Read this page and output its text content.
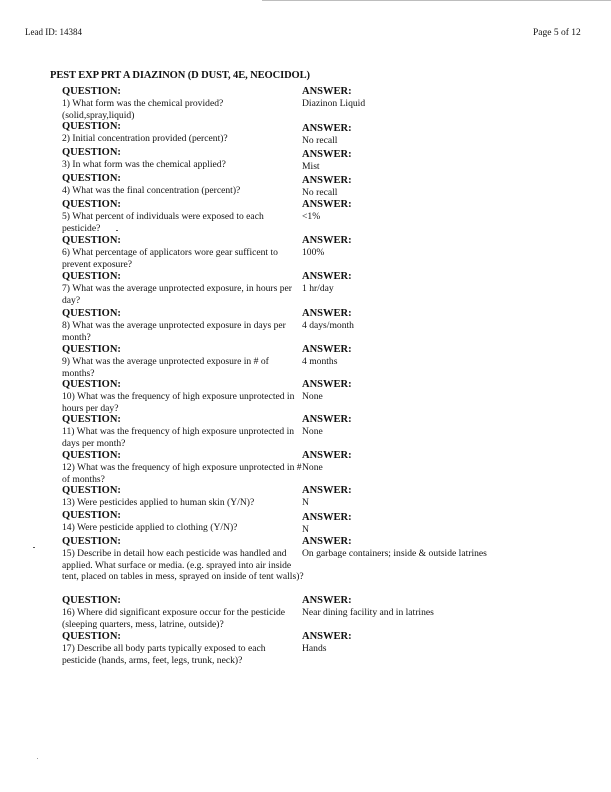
Lead ID: 14384	Page 5 of 12
PEST EXP PRT A DIAZINON (D DUST, 4E, NEOCIDOL)
QUESTION:	ANSWER:
1) What form was the chemical provided?(solid,spray,liquid)
Diazinon Liquid
QUESTION:	ANSWER:
2) Initial concentration provided (percent)?	No recall
QUESTION:	ANSWER:
3) In what form was the chemical applied?	Mist
QUESTION:	ANSWER:
4) What was the final concentration (percent)?	No recall
QUESTION:	ANSWER:
5) What percent of individuals were exposed to each pesticide?
<1%
QUESTION:	ANSWER:
6) What percentage of applicators wore gear sufficent to prevent exposure?
100%
QUESTION:	ANSWER:
7) What was the average unprotected exposure, in hours per day?
1 hr/day
QUESTION:	ANSWER:
8) What was the average unprotected exposure in days per month?
4 days/month
QUESTION:	ANSWER:
9) What was the average unprotected exposure in # of months?
4 months
QUESTION:	ANSWER:
10) What was the frequency of high exposure unprotected in hours per day?
None
QUESTION:	ANSWER:
11) What was the frequency of high exposure unprotected in days per month?
None
QUESTION:	ANSWER:
12) What was the frequency of high exposure unprotected in # of months?
None
QUESTION:	ANSWER:
13) Were pesticides applied to human skin (Y/N)?	N
QUESTION:	ANSWER:
14) Were pesticide applied to clothing (Y/N)?	N
QUESTION:	ANSWER:
15) Describe in detail how each pesticide was handled and applied. What surface or media. (e.g. sprayed into air inside tent, placed on tables in mess, sprayed on inside of tent walls)?
On garbage containers; inside & outside latrines
QUESTION:	ANSWER:
16) Where did significant exposure occur for the pesticide (sleeping quarters, mess, latrine, outside)?
Near dining facility and in latrines
QUESTION:	ANSWER:
17) Describe all body parts typically exposed to each pesticide (hands, arms, feet, legs, trunk, neck)?
Hands
